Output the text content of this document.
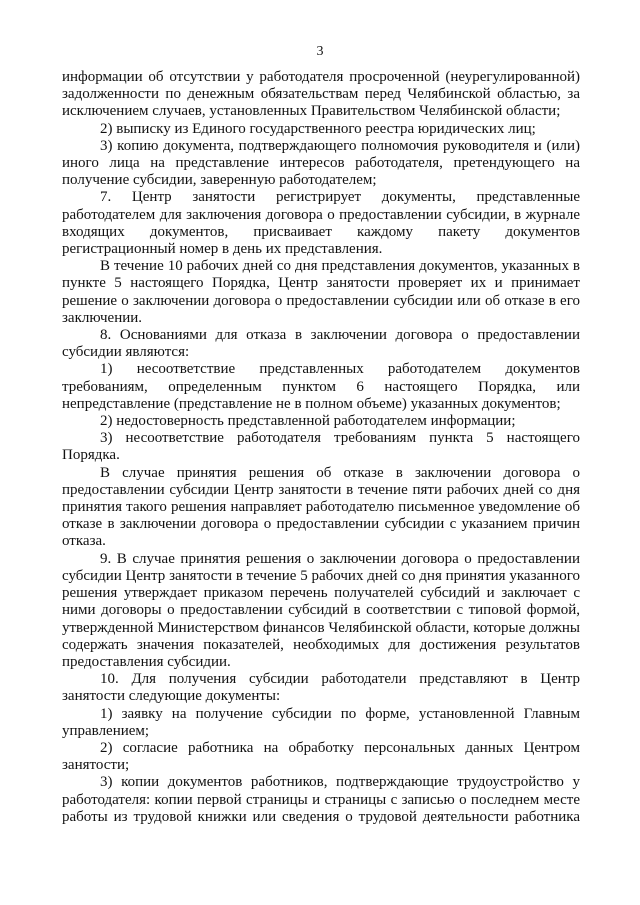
3

информации об отсутствии у работодателя просроченной (неурегулированной) задолженности по денежным обязательствам перед Челябинской областью, за исключением случаев, установленных Правительством Челябинской области;

2) выписку из Единого государственного реестра юридических лиц;

3) копию документа, подтверждающего полномочия руководителя и (или) иного лица на представление интересов работодателя, претендующего на получение субсидии, заверенную работодателем;

7. Центр занятости регистрирует документы, представленные работодателем для заключения договора о предоставлении субсидии, в журнале входящих документов, присваивает каждому пакету документов регистрационный номер в день их представления.

В течение 10 рабочих дней со дня представления документов, указанных в пункте 5 настоящего Порядка, Центр занятости проверяет их и принимает решение о заключении договора о предоставлении субсидии или об отказе в его заключении.

8. Основаниями для отказа в заключении договора о предоставлении субсидии являются:

1) несоответствие представленных работодателем документов требованиям, определенным пунктом 6 настоящего Порядка, или непредставление (представление не в полном объеме) указанных документов;

2) недостоверность представленной работодателем информации;

3) несоответствие работодателя требованиям пункта 5 настоящего Порядка.

В случае принятия решения об отказе в заключении договора о предоставлении субсидии Центр занятости в течение пяти рабочих дней со дня принятия такого решения направляет работодателю письменное уведомление об отказе в заключении договора о предоставлении субсидии с указанием причин отказа.

9. В случае принятия решения о заключении договора о предоставлении субсидии Центр занятости в течение 5 рабочих дней со дня принятия указанного решения утверждает приказом перечень получателей субсидий и заключает с ними договоры о предоставлении субсидий в соответствии с типовой формой, утвержденной Министерством финансов Челябинской области, которые должны содержать значения показателей, необходимых для достижения результатов предоставления субсидии.

10. Для получения субсидии работодатели представляют в Центр занятости следующие документы:

1) заявку на получение субсидии по форме, установленной Главным управлением;

2) согласие работника на обработку персональных данных Центром занятости;

3) копии документов работников, подтверждающие трудоустройство у работодателя: копии первой страницы и страницы с записью о последнем месте работы из трудовой книжки или сведения о трудовой деятельности работника
